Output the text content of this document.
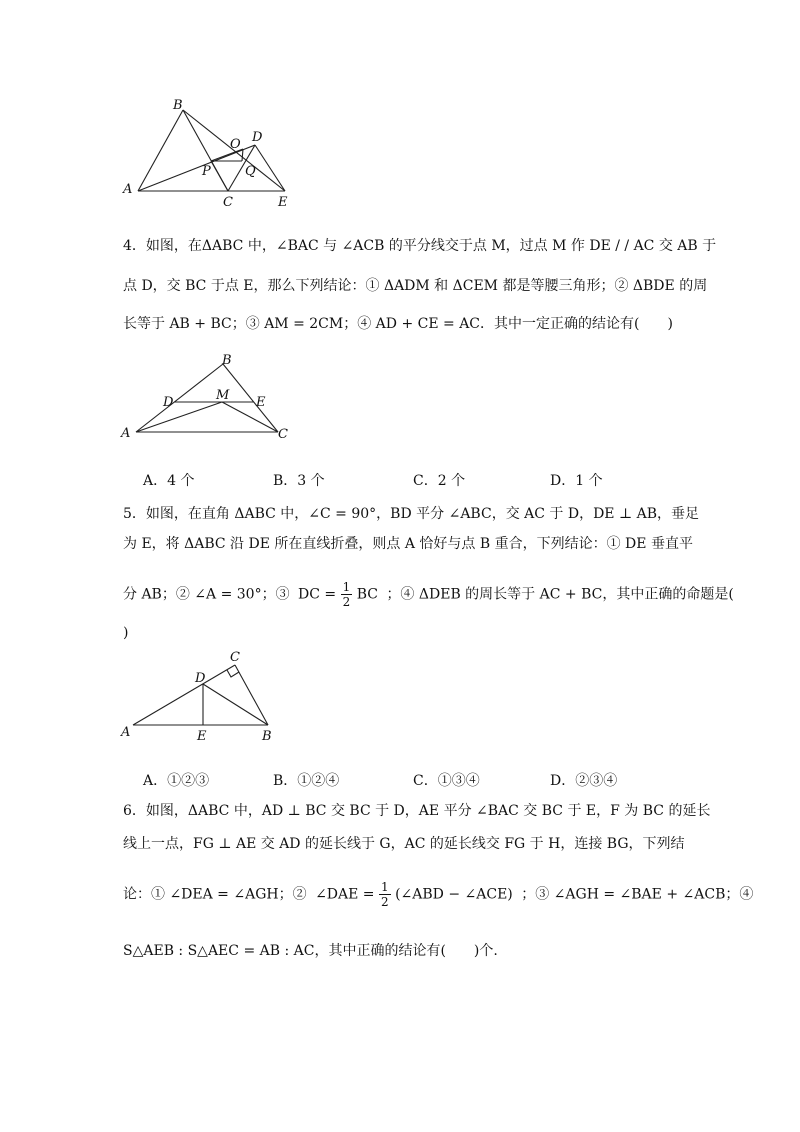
B
O D
P	Q
A
C	E
4．如图，在ΔABC 中，∠BAC 与 ∠ACB 的平分线交于点 M，过点 M 作 DE / / AC 交 AB 于
点 D，交 BC 于点 E，那么下列结论：① ΔADM 和 ΔCEM 都是等腰三角形；② ΔBDE 的周
长等于 AB + BC；③ AM = 2CM；④ AD + CE = AC．其中一定正确的结论有(　　)
B
D	M E
A	C
A．4 个	B．3 个	C．2 个	D．1 个
5．如图，在直角 ΔABC 中，∠C = 90°，BD 平分 ∠ABC，交 AC 于 D，DE ⊥ AB，垂足
为 E，将 ΔABC 沿 DE 所在直线折叠，则点 A 恰好与点 B 重合，下列结论：① DE 垂直平
分 AB；② ∠A = 30°；③ DC = $\frac{1}{2}$ BC ；④ ΔDEB 的周长等于 AC + BC，其中正确的命题是(
)
C
D
A	E	B
A．①②③	B．①②④	C．①③④	D．②③④
6．如图，ΔABC 中，AD ⊥ BC 交 BC 于 D，AE 平分 ∠BAC 交 BC 于 E，F 为 BC 的延长
线上一点，FG ⊥ AE 交 AD 的延长线于 G，AC 的延长线交 FG 于 H，连接 BG，下列结
论：① ∠DEA = ∠AGH；② ∠DAE = $\frac{1}{2}$ (∠ABD − ∠ACE) ；③ ∠AGH = ∠BAE + ∠ACB；④
S△AEB : S△AEC = AB : AC，其中正确的结论有(　　)个.
